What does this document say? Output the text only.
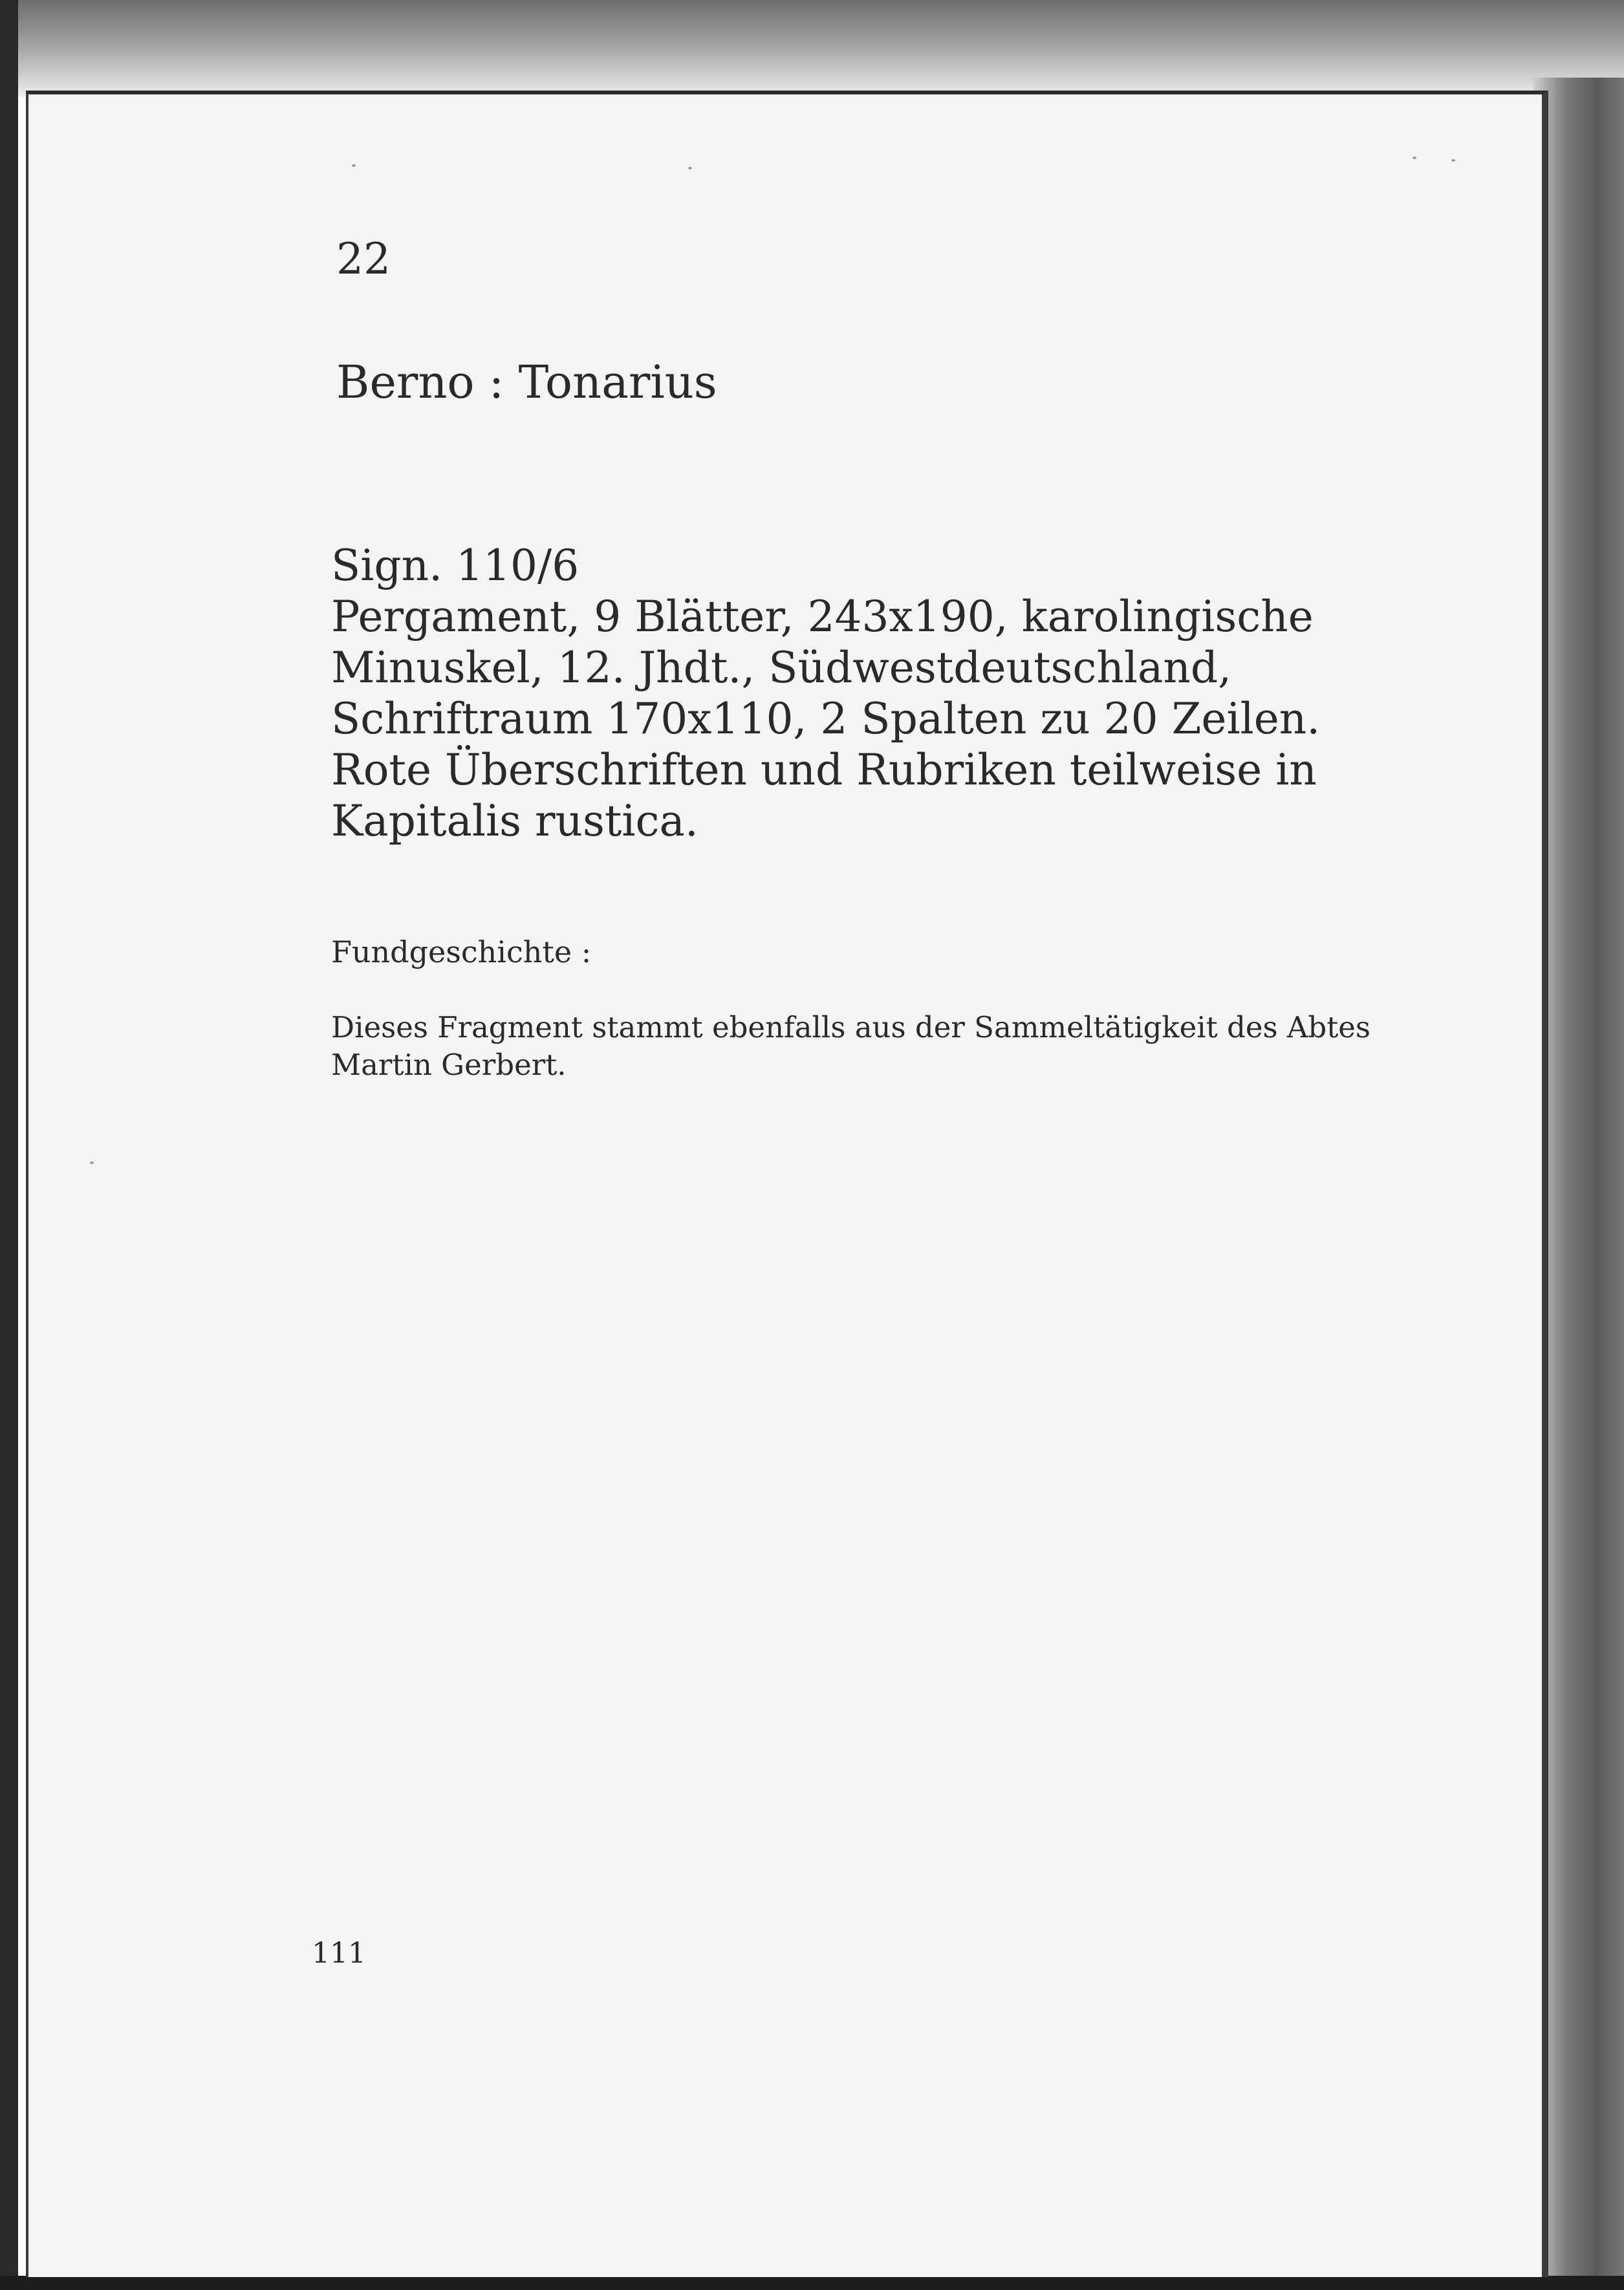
22
Berno : Tonarius
Sign. 110/6
Pergament, 9 Blätter, 243x190, karolingische
Minuskel, 12. Jhdt., Südwestdeutschland,
Schriftraum 170x110, 2 Spalten zu 20 Zeilen.
Rote Überschriften und Rubriken teilweise in
Kapitalis rustica.
Fundgeschichte :
Dieses Fragment stammt ebenfalls aus der Sammeltätigkeit des Abtes
Martin Gerbert.
111
